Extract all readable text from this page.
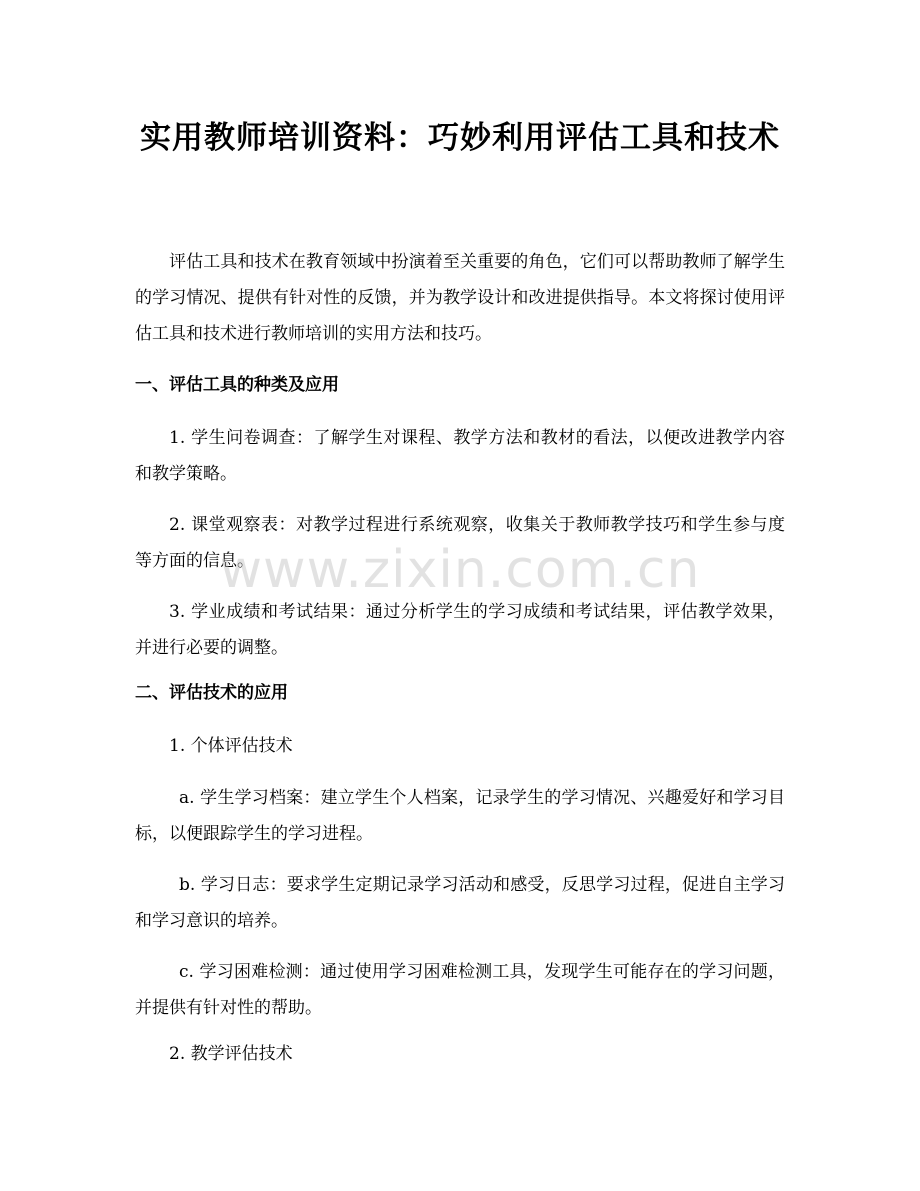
实用教师培训资料：巧妙利用评估工具和技术

评估工具和技术在教育领域中扮演着至关重要的角色，它们可以帮助教师了解学生的学习情况、提供有针对性的反馈，并为教学设计和改进提供指导。本文将探讨使用评估工具和技术进行教师培训的实用方法和技巧。

一、评估工具的种类及应用

1. 学生问卷调查：了解学生对课程、教学方法和教材的看法，以便改进教学内容和教学策略。

2. 课堂观察表：对教学过程进行系统观察，收集关于教师教学技巧和学生参与度等方面的信息。

3. 学业成绩和考试结果：通过分析学生的学习成绩和考试结果，评估教学效果，并进行必要的调整。

二、评估技术的应用

1. 个体评估技术

a. 学生学习档案：建立学生个人档案，记录学生的学习情况、兴趣爱好和学习目标，以便跟踪学生的学习进程。

b. 学习日志：要求学生定期记录学习活动和感受，反思学习过程，促进自主学习和学习意识的培养。

c. 学习困难检测：通过使用学习困难检测工具，发现学生可能存在的学习问题，并提供有针对性的帮助。

2. 教学评估技术

www.zixin.com.cn
